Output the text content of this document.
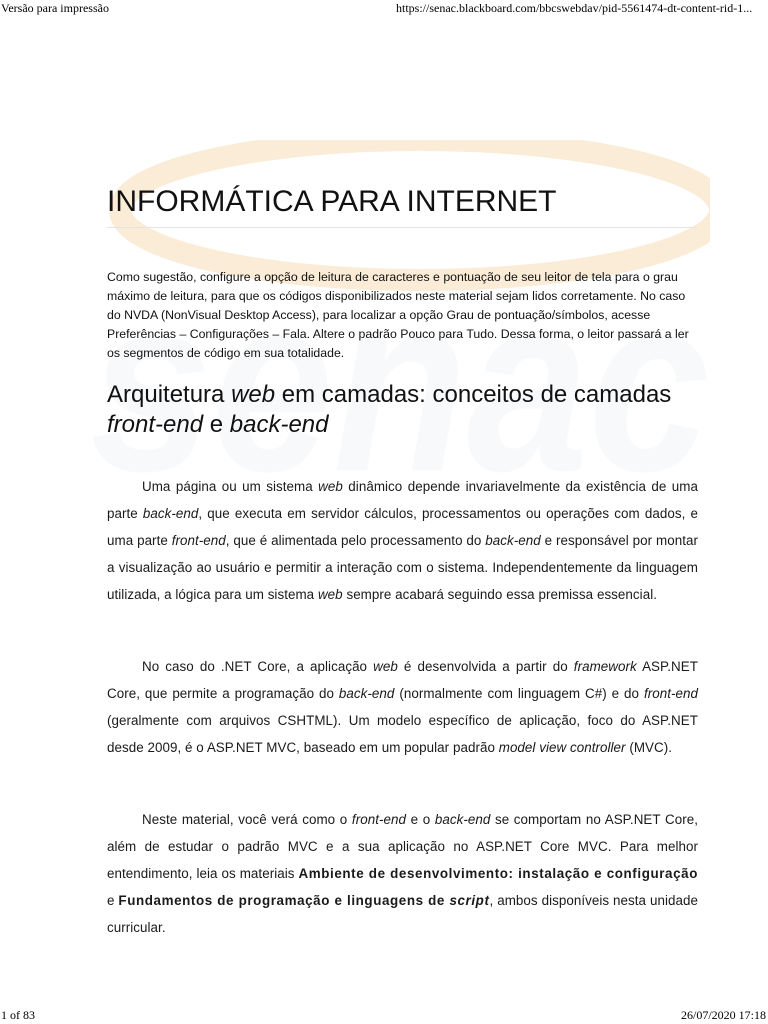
Versão para impressão	https://senac.blackboard.com/bbcswebdav/pid-5561474-dt-content-rid-1...
senac
INFORMÁTICA PARA INTERNET

Como sugestão, configure a opção de leitura de caracteres e pontuação de seu leitor de tela para o grau máximo de leitura, para que os códigos disponibilizados neste material sejam lidos corretamente. No caso do NVDA (NonVisual Desktop Access), para localizar a opção Grau de pontuação/símbolos, acesse Preferências – Configurações – Fala. Altere o padrão Pouco para Tudo. Dessa forma, o leitor passará a ler os segmentos de código em sua totalidade.

Arquitetura web em camadas: conceitos de camadas front-end e back-end

Uma página ou um sistema web dinâmico depende invariavelmente da existência de uma parte back-end, que executa em servidor cálculos, processamentos ou operações com dados, e uma parte front-end, que é alimentada pelo processamento do back-end e responsável por montar a visualização ao usuário e permitir a interação com o sistema. Independentemente da linguagem utilizada, a lógica para um sistema web sempre acabará seguindo essa premissa essencial.

No caso do .NET Core, a aplicação web é desenvolvida a partir do framework ASP.NET Core, que permite a programação do back-end (normalmente com linguagem C#) e do front-end (geralmente com arquivos CSHTML). Um modelo específico de aplicação, foco do ASP.NET desde 2009, é o ASP.NET MVC, baseado em um popular padrão model view controller (MVC).

Neste material, você verá como o front-end e o back-end se comportam no ASP.NET Core, além de estudar o padrão MVC e a sua aplicação no ASP.NET Core MVC. Para melhor entendimento, leia os materiais Ambiente de desenvolvimento: instalação e configuração e Fundamentos de programação e linguagens de script, ambos disponíveis nesta unidade curricular.

1 of 83	26/07/2020 17:18
